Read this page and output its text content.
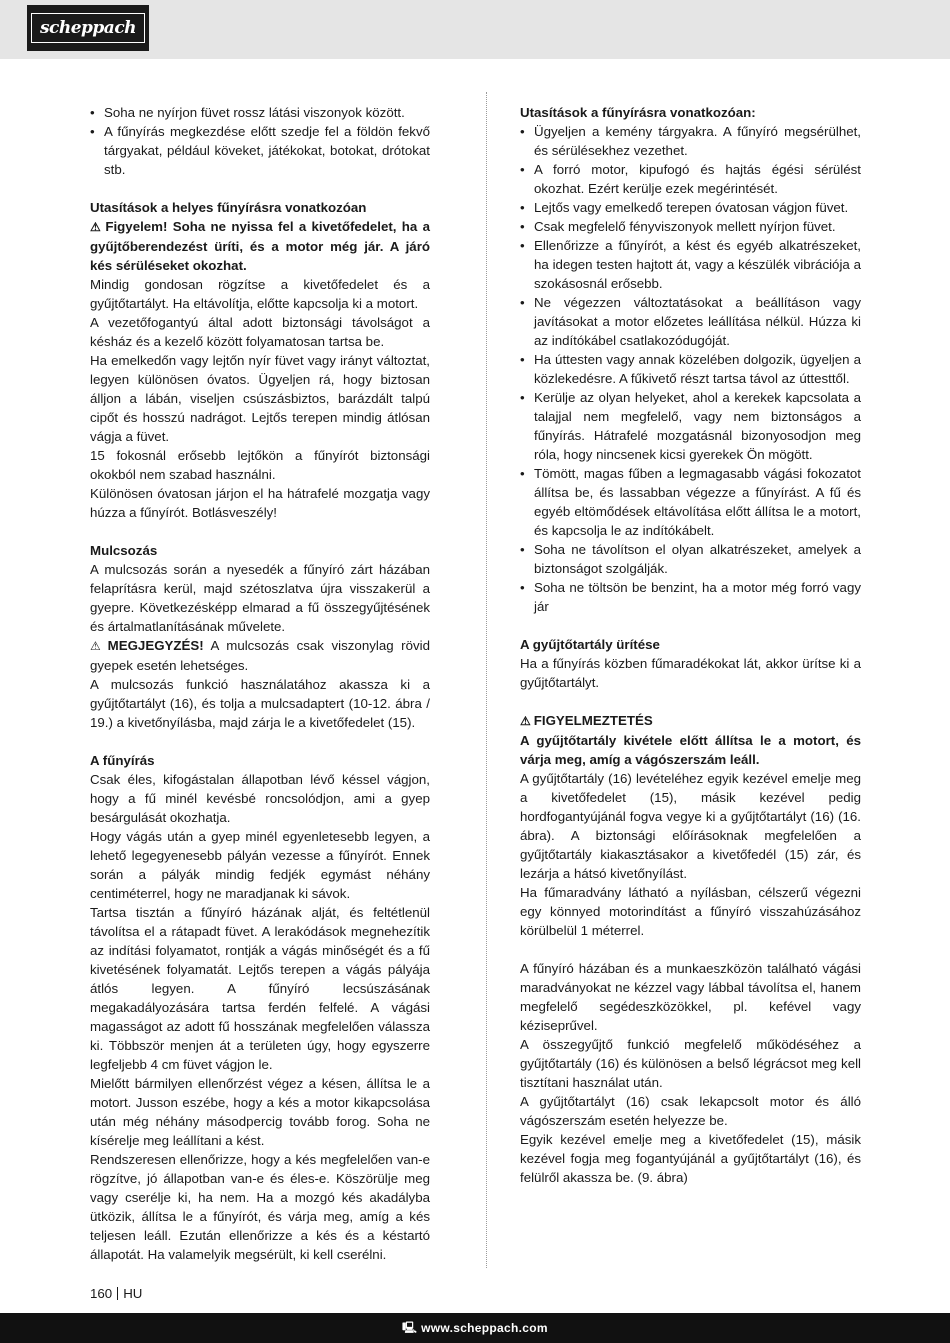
scheppach
• Soha ne nyírjon füvet rossz látási viszonyok között.
• A fűnyírás megkezdése előtt szedje fel a földön fekvő tárgyakat, például köveket, játékokat, botokat, drótokat stb.
Utasítások a helyes fűnyírásra vonatkozóan

⚠ Figyelem! Soha ne nyissa fel a kivetőfedelet, ha a gyűjtőberendezést üríti, és a motor még jár. A járó kés sérüléseket okozhat.

Mindig gondosan rögzítse a kivetőfedelet és a gyűjtőtartályt. Ha eltávolítja, előtte kapcsolja ki a motort.

A vezetőfogantyú által adott biztonsági távolságot a késház és a kezelő között folyamatosan tartsa be.

Ha emelkedőn vagy lejtőn nyír füvet vagy irányt változtat, legyen különösen óvatos. Ügyeljen rá, hogy biztosan álljon a lábán, viseljen csúszásbiztos, barázdált talpú cipőt és hosszú nadrágot. Lejtős terepen mindig átlósan vágja a füvet.

15 fokosnál erősebb lejtőkön a fűnyírót biztonsági okokból nem szabad használni.

Különösen óvatosan járjon el ha hátrafelé mozgatja vagy húzza a fűnyírót. Botlásveszély!

Mulcsozás

A mulcsozás során a nyesedék a fűnyíró zárt házában felaprításra kerül, majd szétoszlatva újra visszakerül a gyepre. Következésképp elmarad a fű összegyűjtésének és ártalmatlanításának művelete.

⚠ MEGJEGYZÉS! A mulcsozás csak viszonylag rövid gyepek esetén lehetséges.

A mulcsozás funkció használatához akassza ki a gyűjtőtartályt (16), és tolja a mulcsadaptert (10-12. ábra / 19.) a kivetőnyílásba, majd zárja le a kivetőfedelet (15).

A fűnyírás

Csak éles, kifogástalan állapotban lévő késsel vágjon, hogy a fű minél kevésbé roncsolódjon, ami a gyep besárgulását okozhatja.

Hogy vágás után a gyep minél egyenletesebb legyen, a lehető legegyenesebb pályán vezesse a fűnyírót. Ennek során a pályák mindig fedjék egymást néhány centiméterrel, hogy ne maradjanak ki sávok.

Tartsa tisztán a fűnyíró házának alját, és feltétlenül távolítsa el a rátapadt füvet. A lerakódások megnehezítik az indítási folyamatot, rontják a vágás minőségét és a fű kivetésének folyamatát. Lejtős terepen a vágás pályája átlós legyen. A fűnyíró lecsúszásának megakadályozására tartsa ferdén felfelé. A vágási magasságot az adott fű hosszának megfelelően válassza ki. Többször menjen át a területen úgy, hogy egyszerre legfeljebb 4 cm füvet vágjon le.

Mielőtt bármilyen ellenőrzést végez a késen, állítsa le a motort. Jusson eszébe, hogy a kés a motor kikapcsolása után még néhány másodpercig tovább forog. Soha ne kísérelje meg leállítani a kést.

Rendszeresen ellenőrizze, hogy a kés megfelelően van-e rögzítve, jó állapotban van-e és éles-e. Köszörülje meg vagy cserélje ki, ha nem. Ha a mozgó kés akadályba ütközik, állítsa le a fűnyírót, és várja meg, amíg a kés teljesen leáll. Ezután ellenőrizze a kés és a késtartó állapotát. Ha valamelyik megsérült, ki kell cserélni.

Utasítások a fűnyírásra vonatkozóan:
• Ügyeljen a kemény tárgyakra. A fűnyíró megsérülhet, és sérülésekhez vezethet.
• A forró motor, kipufogó és hajtás égési sérülést okozhat. Ezért kerülje ezek megérintését.
• Lejtős vagy emelkedő terepen óvatosan vágjon füvet.
• Csak megfelelő fényviszonyok mellett nyírjon füvet.
• Ellenőrizze a fűnyírót, a kést és egyéb alkatrészeket, ha idegen testen hajtott át, vagy a készülék vibrációja a szokásosnál erősebb.
• Ne végezzen változtatásokat a beállításon vagy javításokat a motor előzetes leállítása nélkül. Húzza ki az indítókábel csatlakozódugóját.
• Ha úttesten vagy annak közelében dolgozik, ügyeljen a közlekedésre. A fűkivető részt tartsa távol az úttesttől.
• Kerülje az olyan helyeket, ahol a kerekek kapcsolata a talajjal nem megfelelő, vagy nem biztonságos a fűnyírás. Hátrafelé mozgatásnál bizonyosodjon meg róla, hogy nincsenek kicsi gyerekek Ön mögött.
• Tömött, magas fűben a legmagasabb vágási fokozatot állítsa be, és lassabban végezze a fűnyírást. A fű és egyéb eltömődések eltávolítása előtt állítsa le a motort, és kapcsolja le az indítókábelt.
• Soha ne távolítson el olyan alkatrészeket, amelyek a biztonságot szolgálják.
• Soha ne töltsön be benzint, ha a motor még forró vagy jár
A gyűjtőtartály ürítése

Ha a fűnyírás közben fűmaradékokat lát, akkor ürítse ki a gyűjtőtartályt.

⚠ FIGYELMEZTETÉS

A gyűjtőtartály kivétele előtt állítsa le a motort, és várja meg, amíg a vágószerszám leáll.

A gyűjtőtartály (16) levételéhez egyik kezével emelje meg a kivetőfedelet (15), másik kezével pedig hordfogantyújánál fogva vegye ki a gyűjtőtartályt (16) (16. ábra). A biztonsági előírásoknak megfelelően a gyűjtőtartály kiakasztásakor a kivetőfedél (15) zár, és lezárja a hátsó kivetőnyílást.

Ha fűmaradvány látható a nyílásban, célszerű végezni egy könnyed motorindítást a fűnyíró visszahúzásához körülbelül 1 méterrel.

A fűnyíró házában és a munkaeszközön található vágási maradványokat ne kézzel vagy lábbal távolítsa el, hanem megfelelő segédeszközökkel, pl. kefével vagy kéziseprűvel.

A összegyűjtő funkció megfelelő működéséhez a gyűjtőtartály (16) és különösen a belső légrácsot meg kell tisztítani használat után.

A gyűjtőtartályt (16) csak lekapcsolt motor és álló vágószerszám esetén helyezze be.

Egyik kezével emelje meg a kivetőfedelet (15), másik kezével fogja meg fogantyújánál a gyűjtőtartályt (16), és felülről akassza be. (9. ábra)

160 HU
🖳 www.scheppach.com
